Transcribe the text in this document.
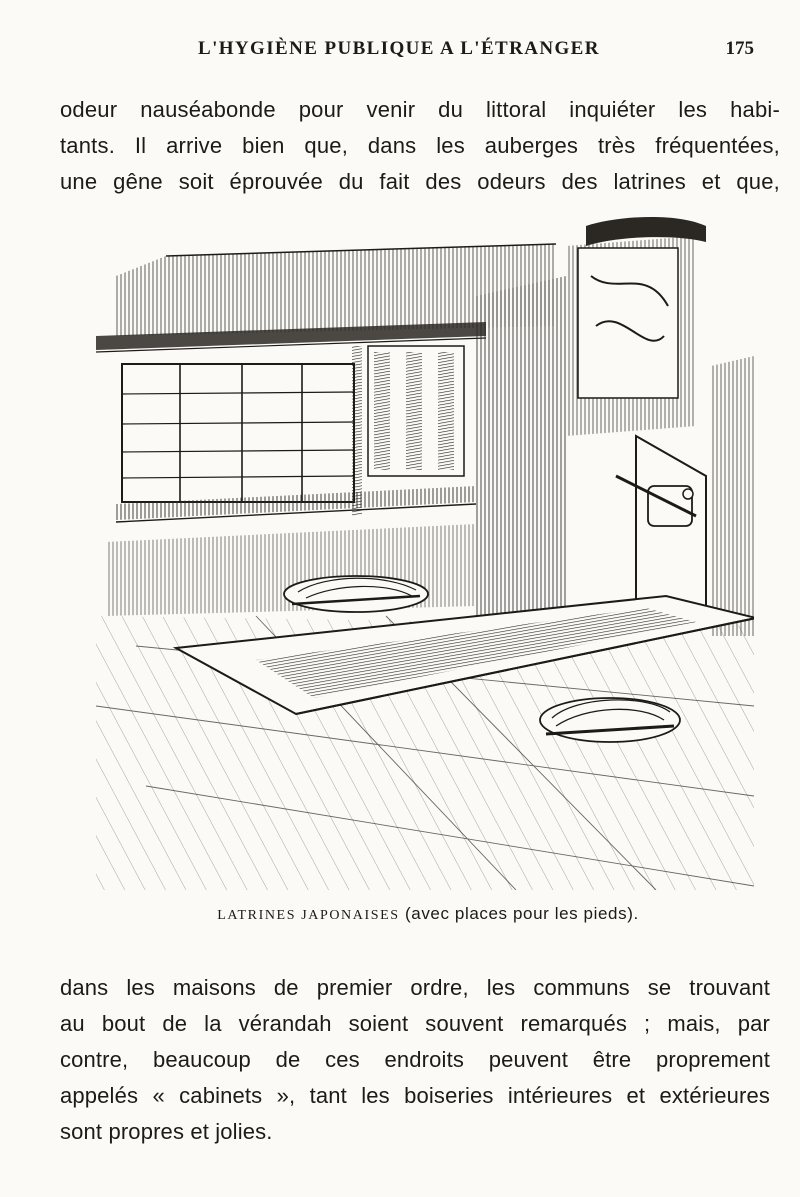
L'HYGIÈNE PUBLIQUE A L'ÉTRANGER	175
odeur nauséabonde pour venir du littoral inquiéter les habi-
tants. Il arrive bien que, dans les auberges très fréquentées,
une gêne soit éprouvée du fait des odeurs des latrines et que,
LATRINES JAPONAISES (avec places pour les pieds).
dans les maisons de premier ordre, les communs se trouvant
au bout de la vérandah soient souvent remarqués ; mais, par
contre, beaucoup de ces endroits peuvent être proprement
appelés « cabinets », tant les boiseries intérieures et extérieures
sont propres et jolies.
